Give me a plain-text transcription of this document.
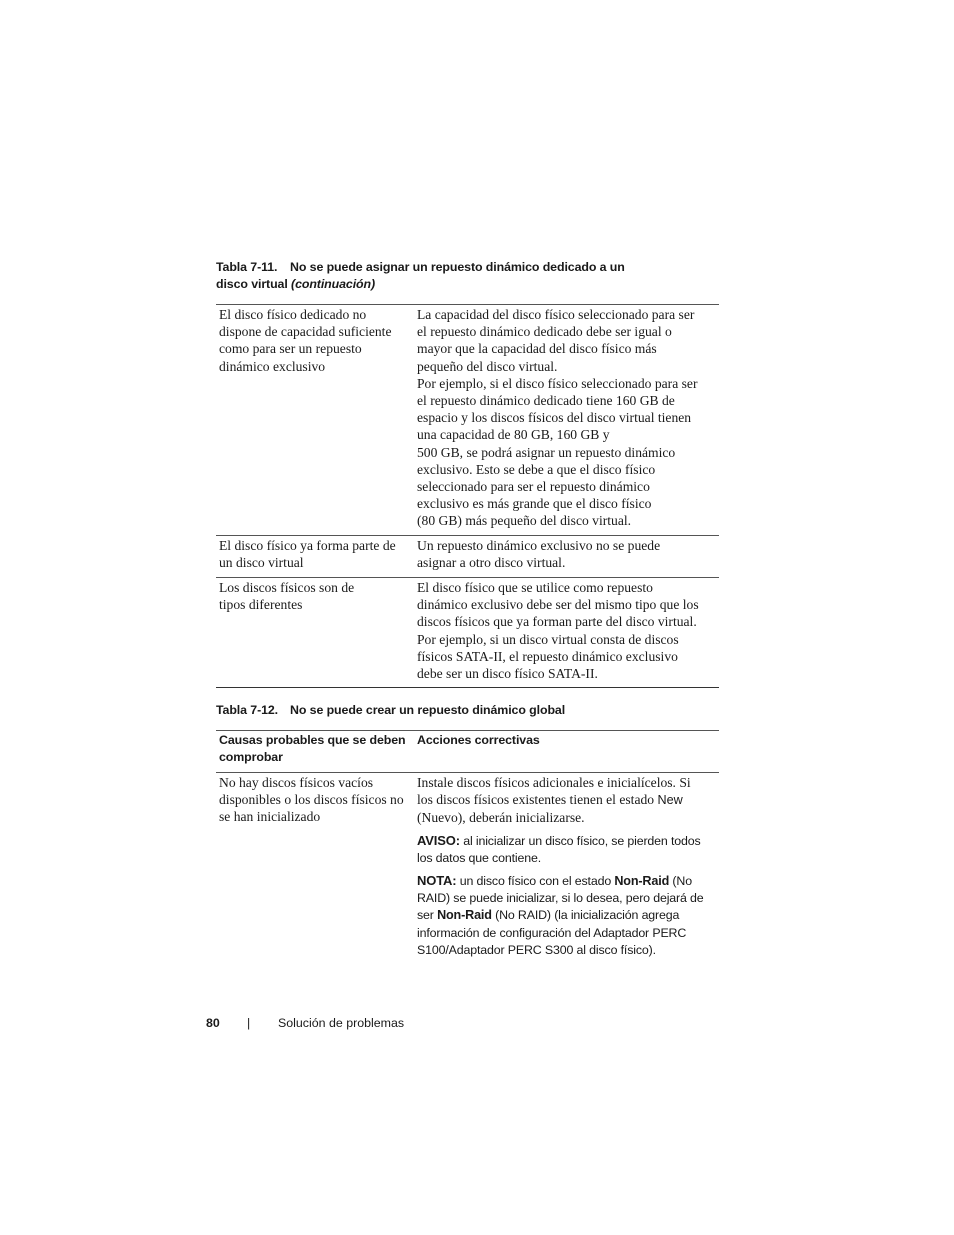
Tabla 7-11. No se puede asignar un repuesto dinámico dedicado a un
disco virtual (continuación)
El disco físico dedicado no
dispone de capacidad suficiente
como para ser un repuesto
dinámico exclusivo
La capacidad del disco físico seleccionado para ser
el repuesto dinámico dedicado debe ser igual o
mayor que la capacidad del disco físico más
pequeño del disco virtual.
Por ejemplo, si el disco físico seleccionado para ser
el repuesto dinámico dedicado tiene 160 GB de
espacio y los discos físicos del disco virtual tienen
una capacidad de 80 GB, 160 GB y
500 GB, se podrá asignar un repuesto dinámico
exclusivo. Esto se debe a que el disco físico
seleccionado para ser el repuesto dinámico
exclusivo es más grande que el disco físico
(80 GB) más pequeño del disco virtual.
El disco físico ya forma parte de
un disco virtual
Un repuesto dinámico exclusivo no se puede
asignar a otro disco virtual.
Los discos físicos son de
tipos diferentes
El disco físico que se utilice como repuesto
dinámico exclusivo debe ser del mismo tipo que los
discos físicos que ya forman parte del disco virtual.
Por ejemplo, si un disco virtual consta de discos
físicos SATA-II, el repuesto dinámico exclusivo
debe ser un disco físico SATA-II.
Tabla 7-12. No se puede crear un repuesto dinámico global
Causas probables que se deben
comprobar
Acciones correctivas
No hay discos físicos vacíos
disponibles o los discos físicos no
se han inicializado
Instale discos físicos adicionales e inicialícelos. Si
los discos físicos existentes tienen el estado New
(Nuevo), deberán inicializarse.
AVISO: al inicializar un disco físico, se pierden todos
los datos que contiene.
NOTA: un disco físico con el estado Non-Raid (No
RAID) se puede inicializar, si lo desea, pero dejará de
ser Non-Raid (No RAID) (la inicialización agrega
información de configuración del Adaptador PERC
S100/Adaptador PERC S300 al disco físico).
80 | Solución de problemas
